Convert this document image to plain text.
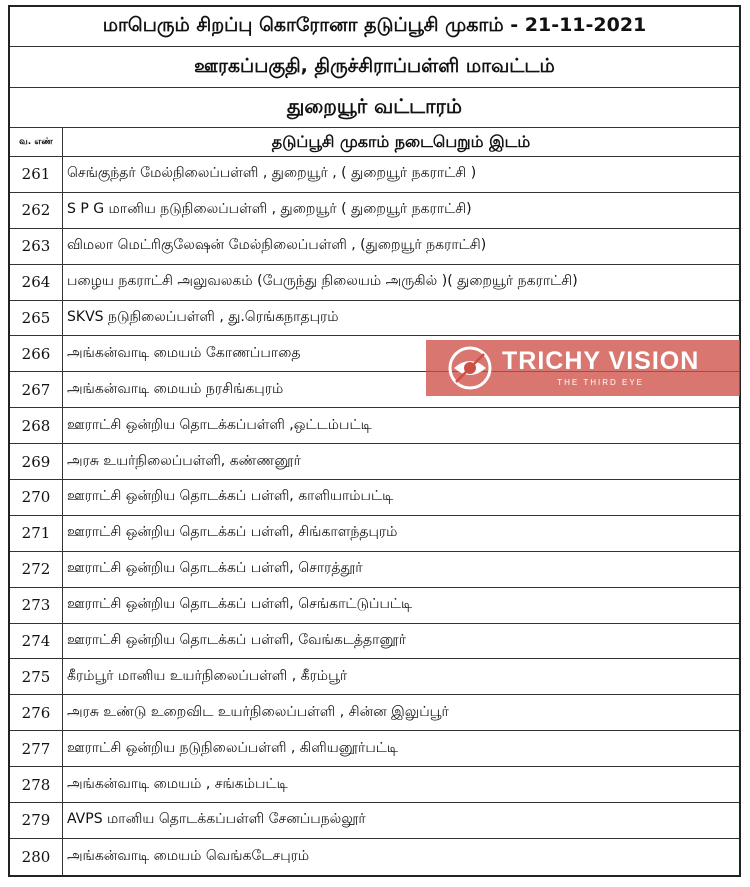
மாபெரும் சிறப்பு கொரோனா தடுப்பூசி முகாம் - 21-11-2021
ஊரகப்பகுதி, திருச்சிராப்பள்ளி மாவட்டம்
துறையூர் வட்டாரம்
வ. எண்	தடுப்பூசி முகாம் நடைபெறும் இடம்
261	செங்குந்தர் மேல்நிலைப்பள்ளி , துறையூர் , ( துறையூர் நகராட்சி )
262	S P G மானிய நடுநிலைப்பள்ளி , துறையூர் ( துறையூர் நகராட்சி)
263	விமலா மெட்ரிகுலேஷன் மேல்நிலைப்பள்ளி , (துறையூர் நகராட்சி)
264	பழைய நகராட்சி அலுவலகம் (பேருந்து நிலையம் அருகில் )( துறையூர் நகராட்சி)
265	SKVS நடுநிலைப்பள்ளி , து.ரெங்கநாதபுரம்
266	அங்கன்வாடி மையம் கோணப்பாதை
267	அங்கன்வாடி மையம் நரசிங்கபுரம்
268	ஊராட்சி ஒன்றிய தொடக்கப்பள்ளி ,ஒட்டம்பட்டி
269	அரசு உயர்நிலைப்பள்ளி, கண்ணனூர்
270	ஊராட்சி ஒன்றிய தொடக்கப் பள்ளி, காளியாம்பட்டி
271	ஊராட்சி ஒன்றிய தொடக்கப் பள்ளி, சிங்காளந்தபுரம்
272	ஊராட்சி ஒன்றிய தொடக்கப் பள்ளி, சொரத்தூர்
273	ஊராட்சி ஒன்றிய தொடக்கப் பள்ளி, செங்காட்டுப்பட்டி
274	ஊராட்சி ஒன்றிய தொடக்கப் பள்ளி, வேங்கடத்தானூர்
275	கீரம்பூர் மானிய உயர்நிலைப்பள்ளி , கீரம்பூர்
276	அரசு உண்டு உறைவிட உயர்நிலைப்பள்ளி , சின்ன இலுப்பூர்
277	ஊராட்சி ஒன்றிய நடுநிலைப்பள்ளி , கிளியனூர்பட்டி
278	அங்கன்வாடி மையம் , சங்கம்பட்டி
279	AVPS மானிய தொடக்கப்பள்ளி சேனப்பநல்லூர்
280	அங்கன்வாடி மையம் வெங்கடேசபுரம்
TRICHY VISION
THE THIRD EYE
